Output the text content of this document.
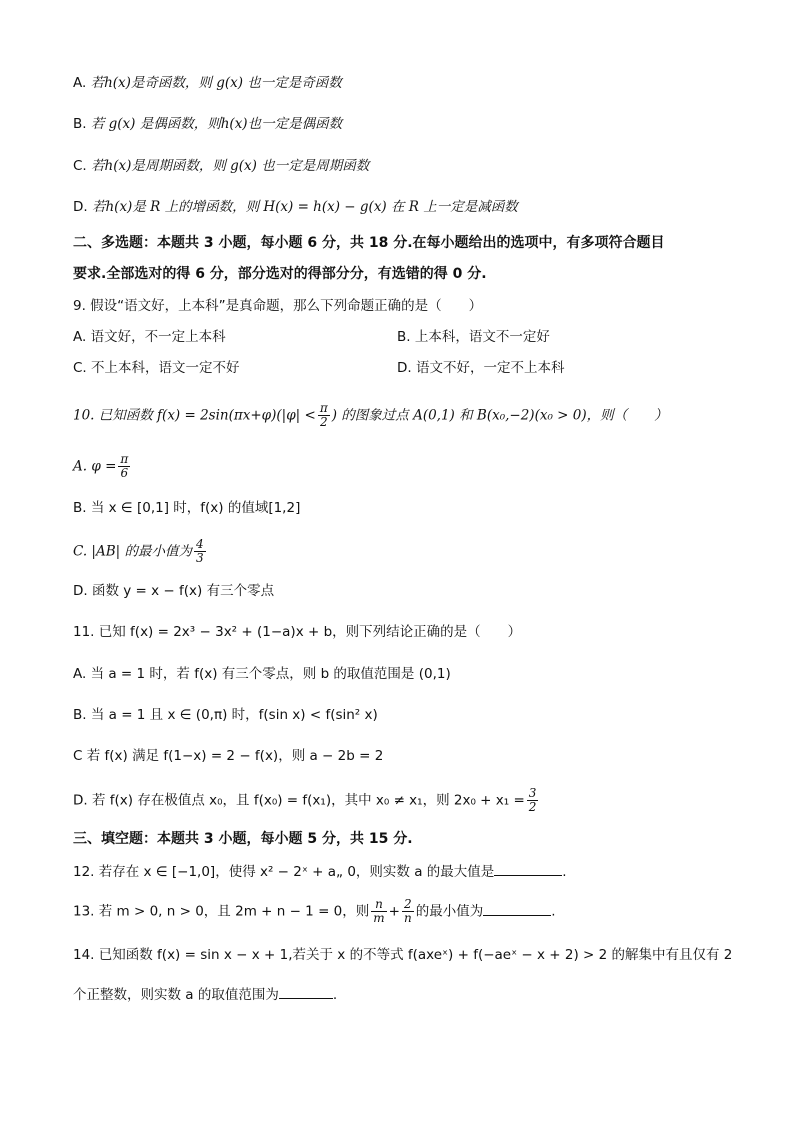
A. 若h(x)是奇函数，则 g(x) 也一定是奇函数
B. 若 g(x) 是偶函数，则h(x)也一定是偶函数
C. 若h(x)是周期函数，则 g(x) 也一定是周期函数
D. 若h(x)是 R 上的增函数，则 H(x) = h(x) − g(x) 在 R 上一定是减函数
二、多选题：本题共 3 小题，每小题 6 分，共 18 分.在每小题给出的选项中，有多项符合题目
要求.全部选对的得 6 分，部分选对的得部分分，有选错的得 0 分.
9. 假设“语文好，上本科”是真命题，那么下列命题正确的是（　　）
A. 语文好，不一定上本科	B. 上本科，语文不一定好
C. 不上本科，语文一定不好	D. 语文不好，一定不上本科
10. 已知函数 $f(x) = 2\sin(\pi x+\varphi)(|\varphi| < \frac{\pi}{2}$ ) 的图象过点 A(0,1) 和 B(x₀,−2)(x₀ > 0)，则（　　）
A. $\varphi = \frac{\pi}{6}$
B. 当 x ∈ [0,1] 时，f(x) 的值域[1,2]
C. |AB| 的最小值为 $\frac{4}{3}$
D. 函数 y = x − f(x) 有三个零点
11. 已知 f(x) = 2x³ − 3x² + (1−a)x + b，则下列结论正确的是（　　）
A. 当 a = 1 时，若 f(x) 有三个零点，则 b 的取值范围是 (0,1)
B. 当 a = 1 且 x ∈ (0,π) 时，f(sin x) < f(sin² x)
C 若 f(x) 满足 f(1−x) = 2 − f(x)，则 a − 2b = 2
D. 若 f(x) 存在极值点 x₀，且 f(x₀) = f(x₁)，其中 x₀ ≠ x₁，则 $2x_0 + x_1 = \frac{3}{2}$
三、填空题：本题共 3 小题，每小题 5 分，共 15 分.
12. 若存在 x ∈ [−1,0]，使得 x² − 2ˣ + a„ 0，则实数 a 的最大值是	.
13. 若 m > 0, n > 0，且 2m + n − 1 = 0，则 $\frac{n}{m} + \frac{2}{n}$ 的最小值为	.
14. 已知函数 f(x) = sin x − x + 1,若关于 x 的不等式 f(axeˣ) + f(−aeˣ − x + 2) > 2 的解集中有且仅有 2
个正整数，则实数 a 的取值范围为	.
